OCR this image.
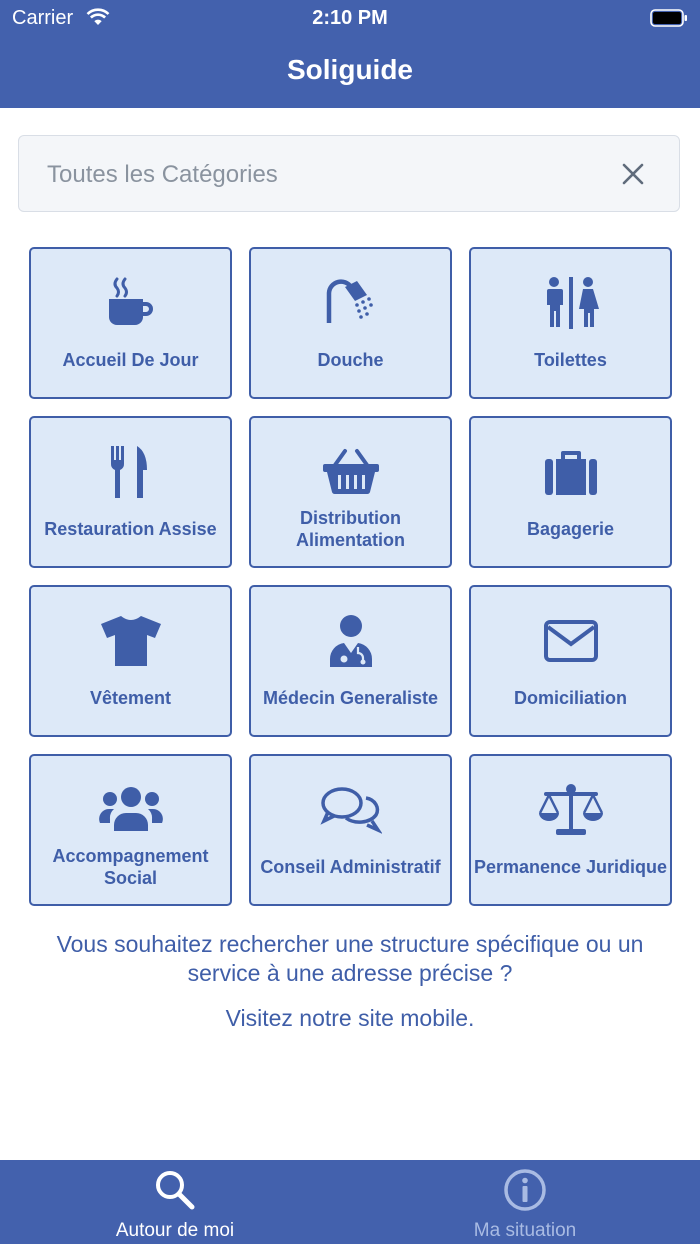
Carrier	2:10 PM
Soliguide
Toutes les Catégories
Accueil De Jour	Douche	Toilettes
Restauration Assise
Distribution Alimentation
Bagagerie
Vêtement	Médecin Generaliste	Domiciliation
Accompagnement Social
Conseil Administratif	Permanence Juridique
Vous souhaitez rechercher une structure spécifique ou un service à une adresse précise ?
Visitez notre site mobile.
Autour de moi	Ma situation
